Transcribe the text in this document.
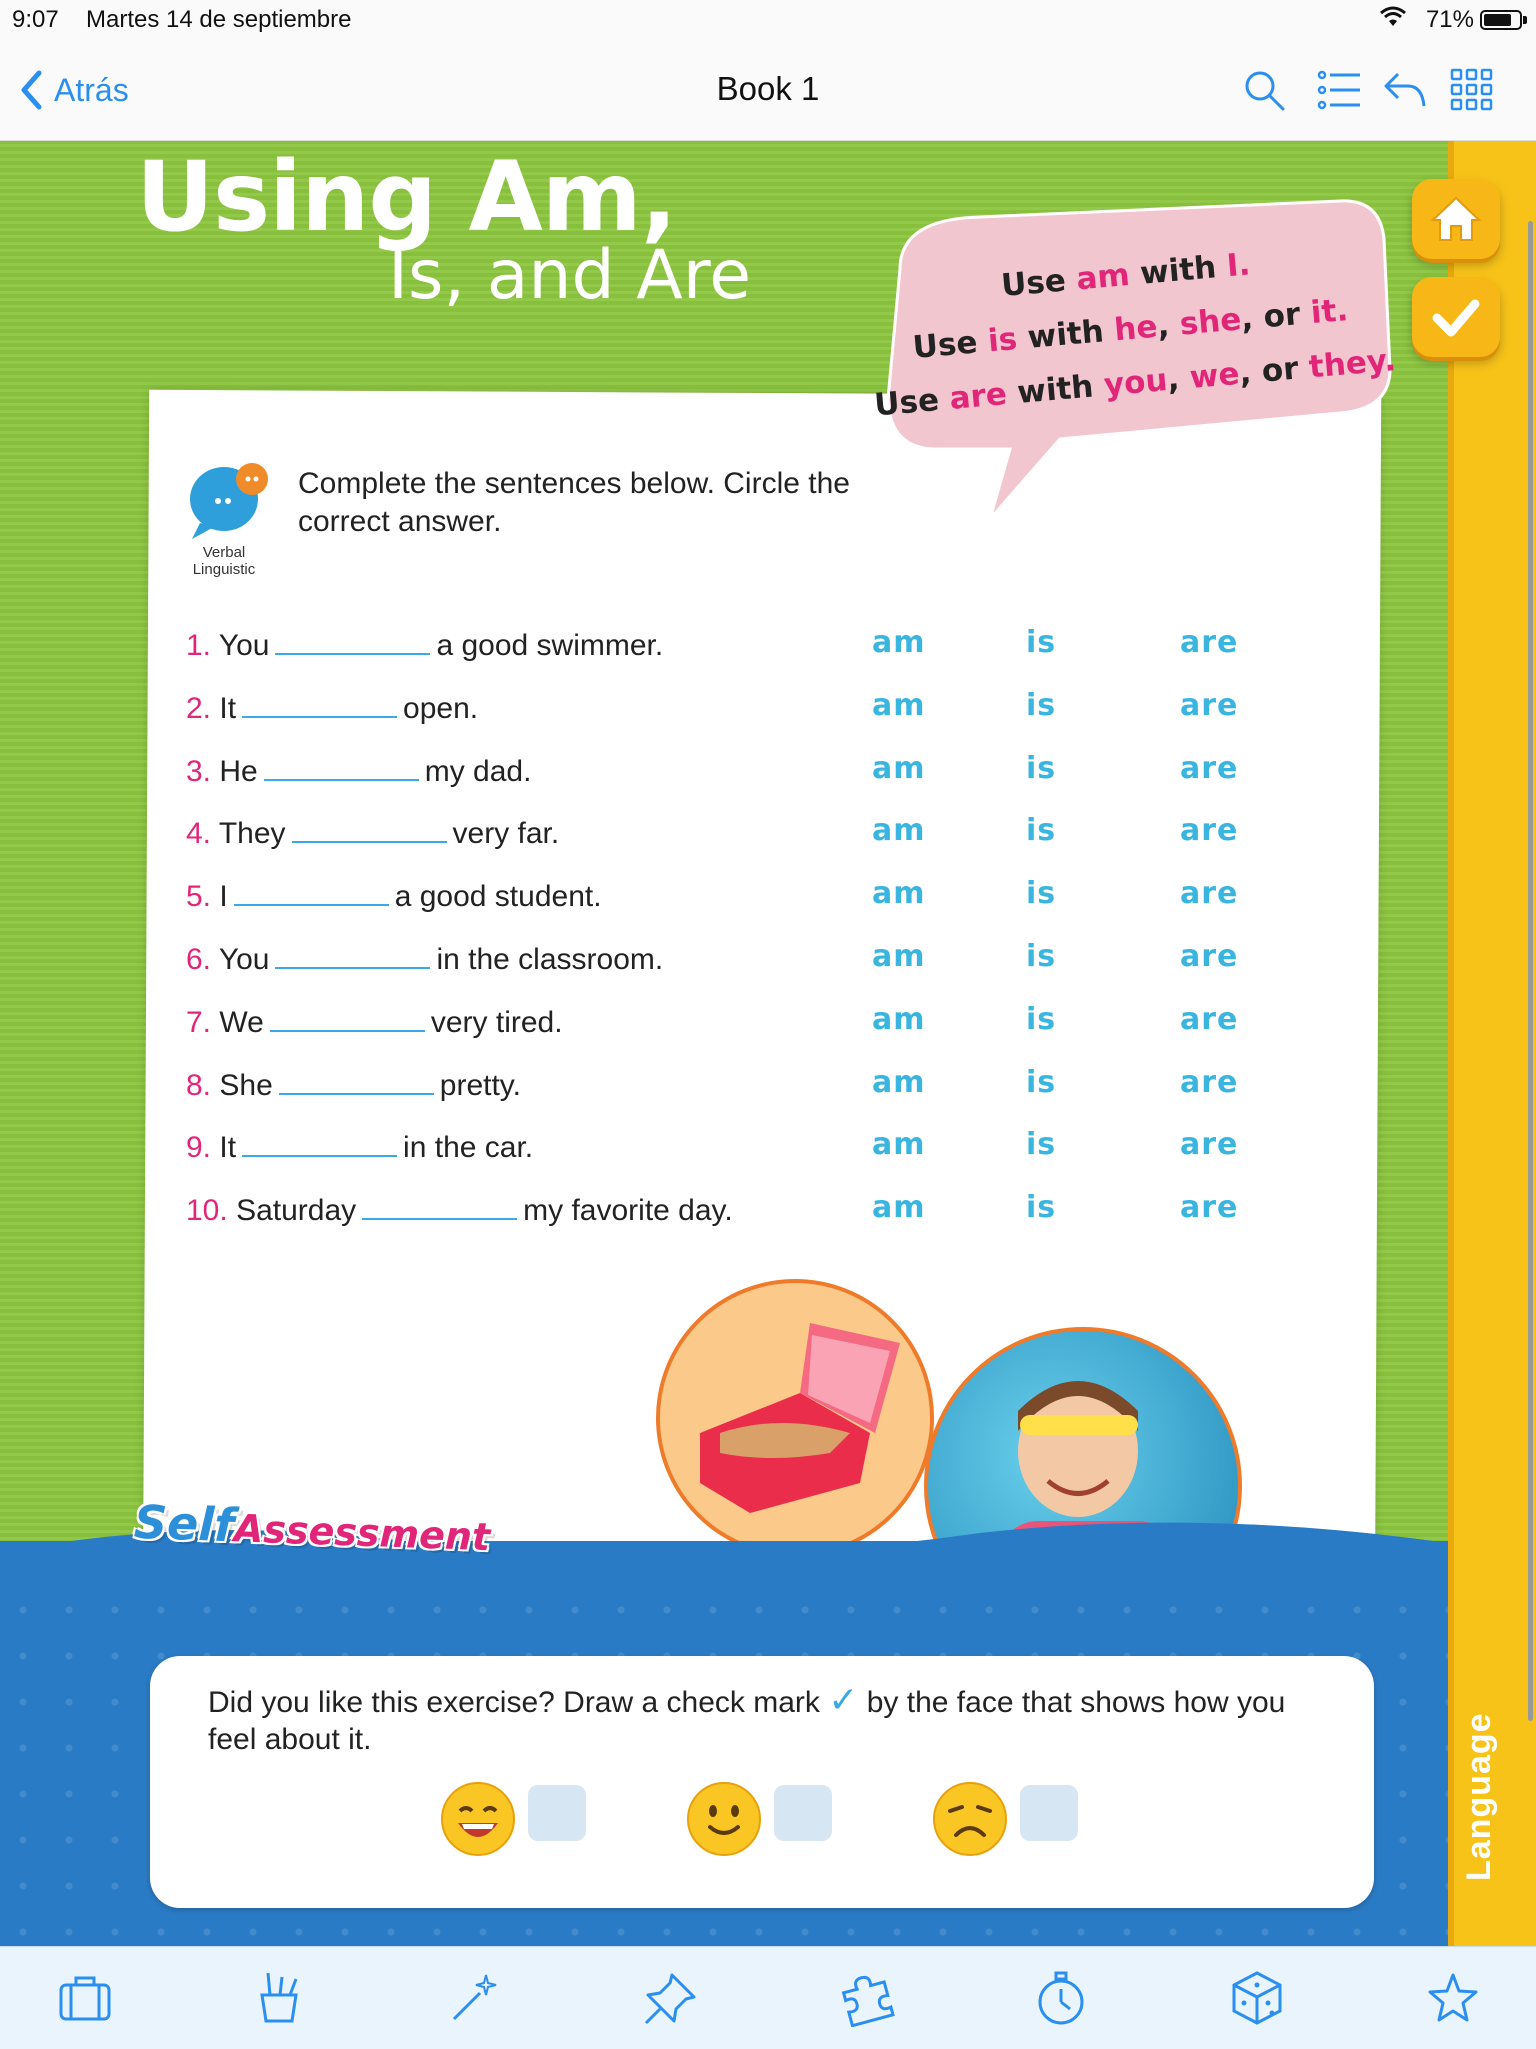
9:07 Martes 14 de septiembre	71%
Atrás	Book 1
Language
Using Am,
Is, and Are	Use am with I.
Use is with he, she, or it.
Use are with you, we, or they.
Verbal
Linguistic
Complete the sentences below. Circle the correct answer.
SelfAssessment
Did you like this exercise? Draw a check mark ✓ by the face that shows how you feel about it.
1. You	a good swimmer.	am	is	are
2. It	open.	am	is	are
3. He	my dad.	am	is	are
4. They	very far.	am	is	are
5. I	a good student.	am	is	are
6. You	in the classroom.	am	is	are
7. We	very tired.	am	is	are
8. She	pretty.	am	is	are
9. It	in the car.	am	is	are
10. Saturday	my favorite day.	am	is	are
